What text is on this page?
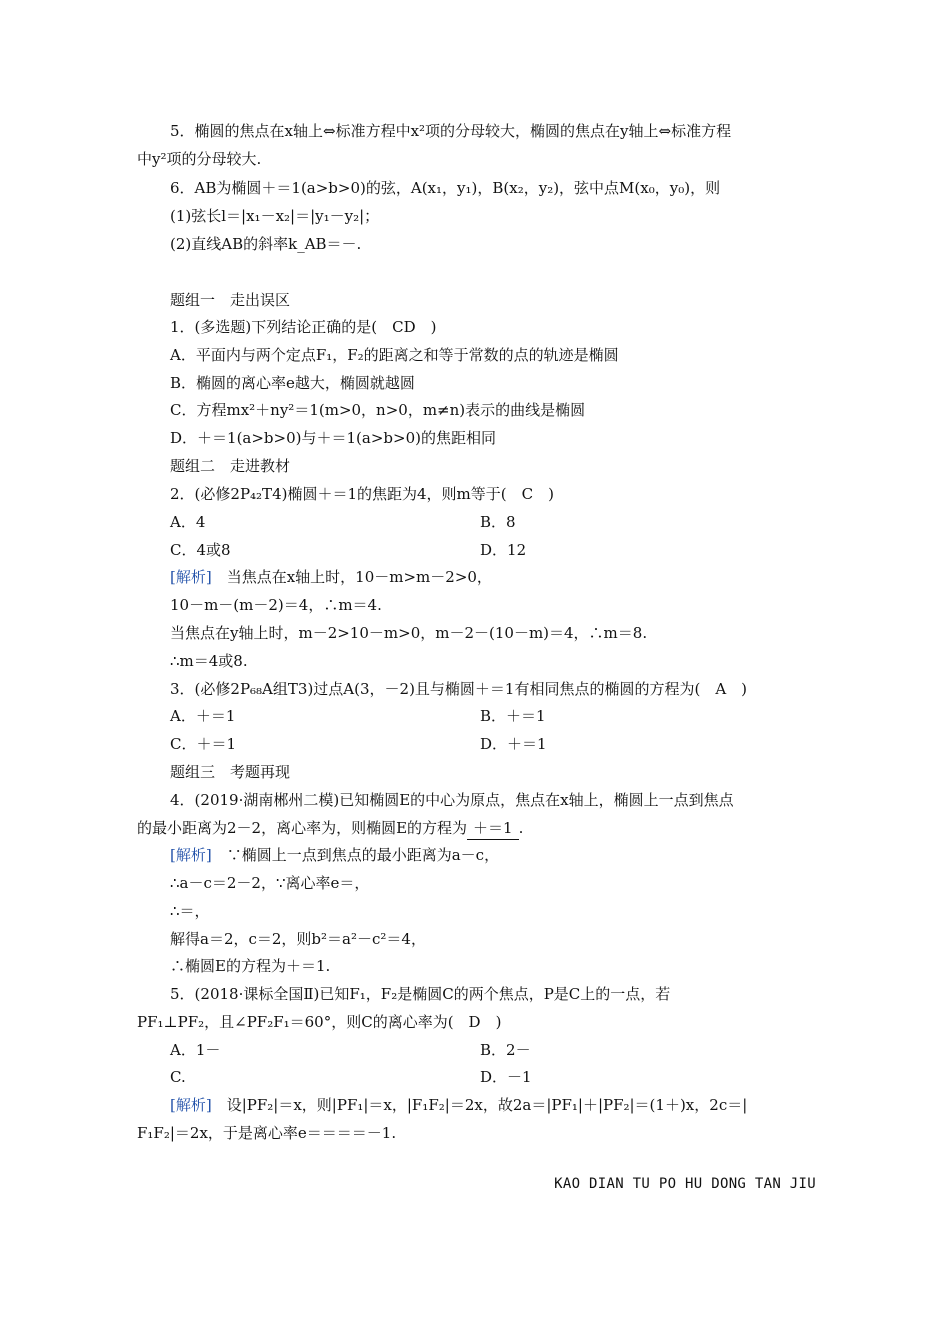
5．椭圆的焦点在x轴上⇔标准方程中x²项的分母较大，椭圆的焦点在y轴上⇔标准方程
中y²项的分母较大.
6．AB为椭圆＋＝1(a>b>0)的弦，A(x₁，y₁)，B(x₂，y₂)，弦中点M(x₀，y₀)，则
(1)弦长l＝|x₁－x₂|＝|y₁－y₂|；
(2)直线AB的斜率k_AB＝－.
题组一　走出误区
1．(多选题)下列结论正确的是(　CD　)
A．平面内与两个定点F₁，F₂的距离之和等于常数的点的轨迹是椭圆
B．椭圆的离心率e越大，椭圆就越圆
C．方程mx²＋ny²＝1(m>0，n>0，m≠n)表示的曲线是椭圆
D．＋＝1(a>b>0)与＋＝1(a>b>0)的焦距相同
题组二　走进教材
2．(必修2P₄₂T4)椭圆＋＝1的焦距为4，则m等于(　C　)
A．4	B．8
C．4或8	D．12
[解析]　当焦点在x轴上时，10－m>m－2>0，
10－m－(m－2)＝4，∴m＝4.
当焦点在y轴上时，m－2>10－m>0，m－2－(10－m)＝4，∴m＝8.
∴m＝4或8.
3．(必修2P₆₈A组T3)过点A(3，－2)且与椭圆＋＝1有相同焦点的椭圆的方程为(　A　)
A．＋＝1	B．＋＝1
C．＋＝1	D．＋＝1
题组三　考题再现
4．(2019·湖南郴州二模)已知椭圆E的中心为原点，焦点在x轴上，椭圆上一点到焦点
的最小距离为2－2，离心率为，则椭圆E的方程为 ＋＝1 .
[解析]　∵椭圆上一点到焦点的最小距离为a－c，
∴a－c＝2－2，∵离心率e＝，
∴＝，
解得a＝2，c＝2，则b²＝a²－c²＝4，
∴椭圆E的方程为＋＝1.
5．(2018·课标全国Ⅱ)已知F₁，F₂是椭圆C的两个焦点，P是C上的一点，若
PF₁⊥PF₂，且∠PF₂F₁＝60°，则C的离心率为(　D　)
A．1－	B．2－
C.	D．－1
[解析]　设|PF₂|＝x，则|PF₁|＝x，|F₁F₂|＝2x，故2a＝|PF₁|＋|PF₂|＝(1＋)x，2c＝|
F₁F₂|＝2x，于是离心率e＝＝＝＝－1.
KAO DIAN TU PO HU DONG TAN JIU
